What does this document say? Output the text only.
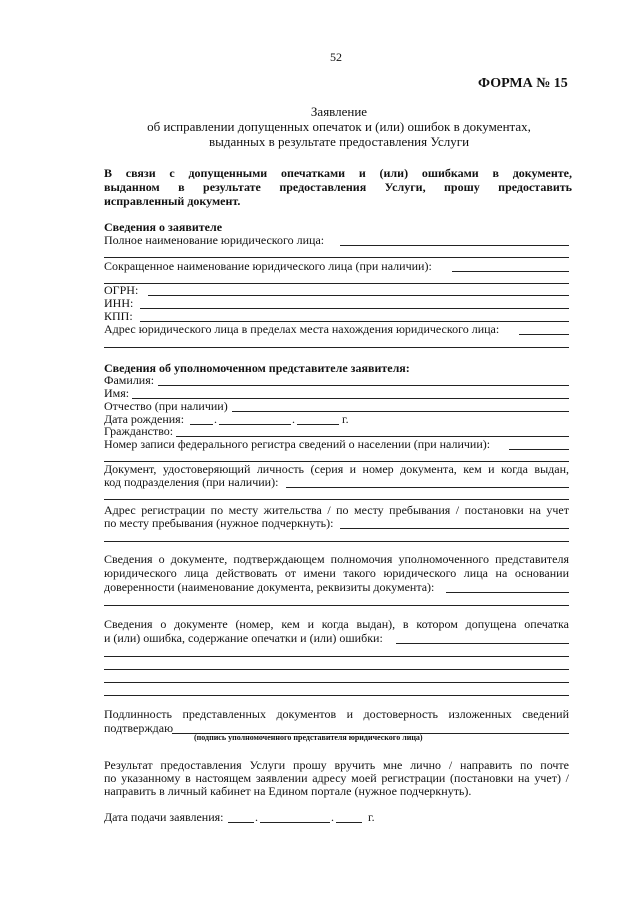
52
ФОРМА № 15
Заявление
об исправлении допущенных опечаток и (или) ошибок в документах,
выданных в результате предоставления Услуги
В связи с допущенными опечатками и (или) ошибками в документе,
выданном в результате предоставления Услуги, прошу предоставить
исправленный документ.
Сведения о заявителе
Полное наименование юридического лица:
Сокращенное наименование юридического лица (при наличии):
ОГРН:
ИНН:
КПП:
Адрес юридического лица в пределах места нахождения юридического лица:
Сведения об уполномоченном представителе заявителя:
Фамилия:
Имя:
Отчество (при наличии)
Дата рождения: .	.	г.
Гражданство:
Номер записи федерального регистра сведений о населении (при наличии):
Документ, удостоверяющий личность (серия и номер документа, кем и когда выдан,
код подразделения (при наличии):
Адрес регистрации по месту жительства / по месту пребывания / постановки на учет
по месту пребывания (нужное подчеркнуть):
Сведения о документе, подтверждающем полномочия уполномоченного представителя
юридического лица действовать от имени такого юридического лица на основании
доверенности (наименование документа, реквизиты документа):
Сведения о документе (номер, кем и когда выдан), в котором допущена опечатка
и (или) ошибка, содержание опечатки и (или) ошибки:
Подлинность представленных документов и достоверность изложенных сведений
подтверждаю
(подпись уполномоченного представителя юридического лица)
Результат предоставления Услуги прошу вручить мне лично / направить по почте
по указанному в настоящем заявлении адресу моей регистрации (постановки на учет) /
направить в личный кабинет на Едином портале (нужное подчеркнуть).
Дата подачи заявления:	.	.	г.
